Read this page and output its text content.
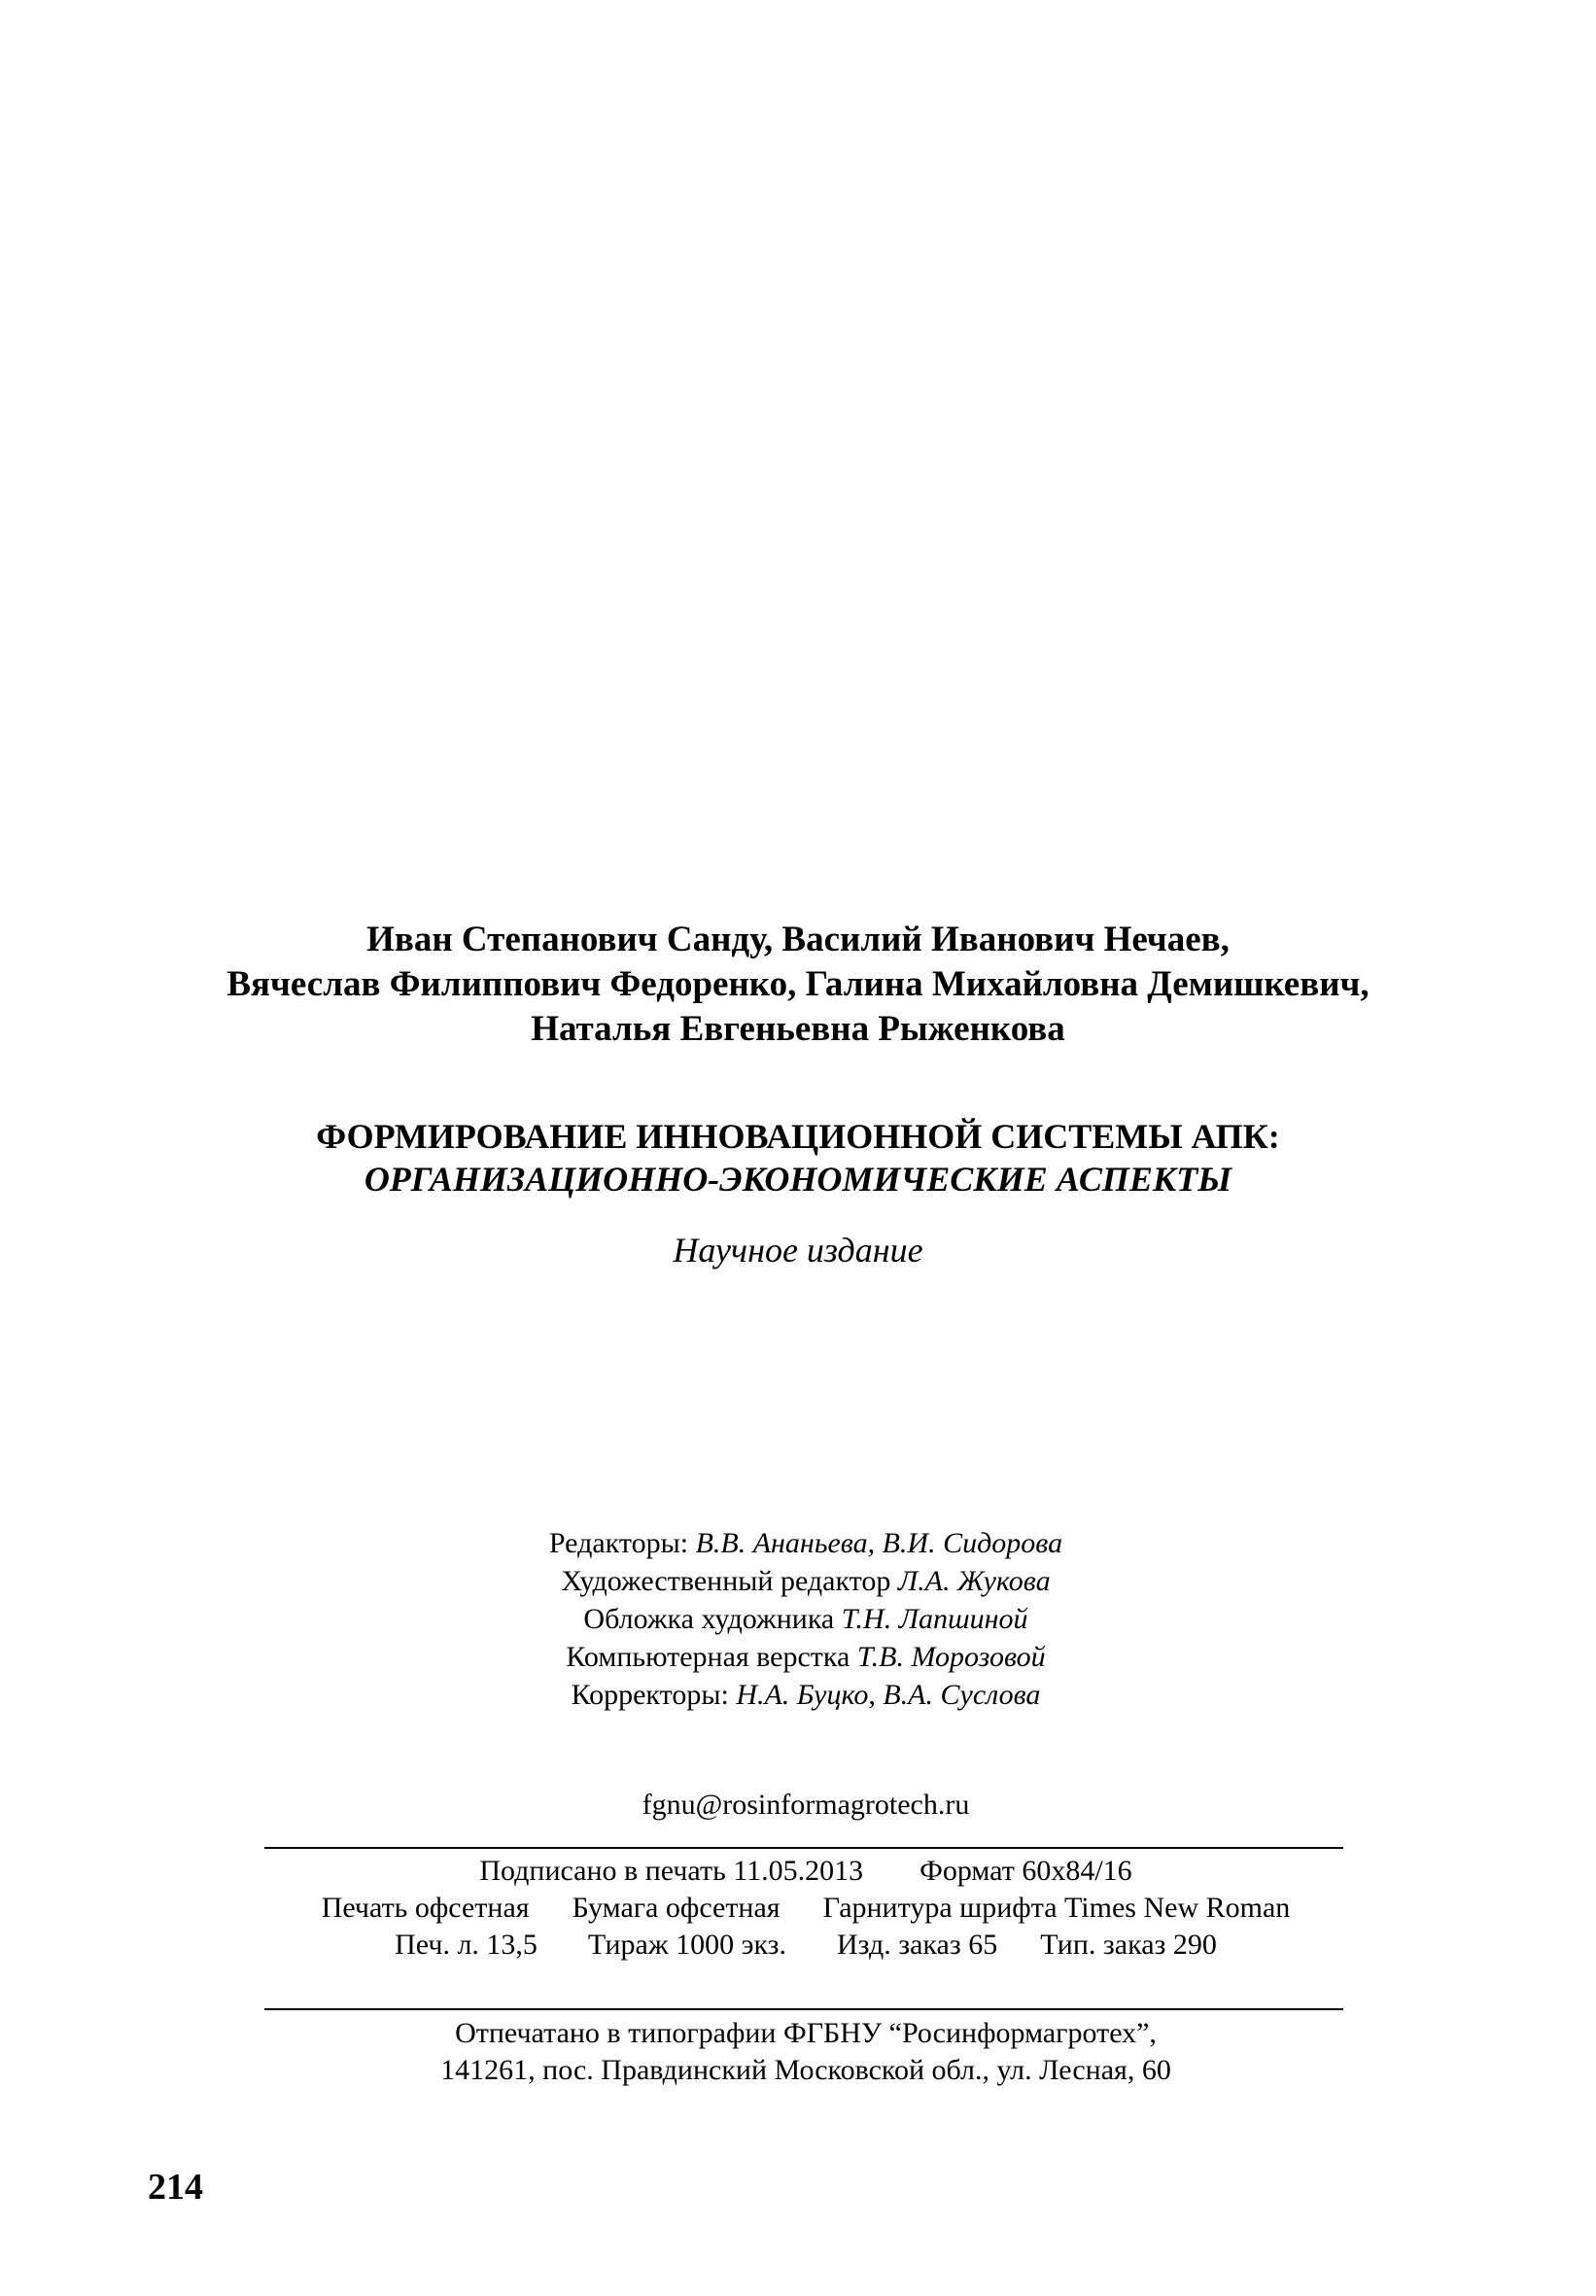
Иван Степанович Санду, Василий Иванович Нечаев,
Вячеслав Филиппович Федоренко, Галина Михайловна Демишкевич,
Наталья Евгеньевна Рыженкова
ФОРМИРОВАНИЕ ИННОВАЦИОННОЙ СИСТЕМЫ АПК:
ОРГАНИЗАЦИОННО-ЭКОНОМИЧЕСКИЕ АСПЕКТЫ
Научное издание
Редакторы: В.В. Ананьева, В.И. Сидорова
Художественный редактор Л.А. Жукова
Обложка художника Т.Н. Лапшиной
Компьютерная верстка Т.В. Морозовой
Корректоры: Н.А. Буцко, В.А. Суслова
fgnu@rosinformagrotech.ru
Подписано в печать 11.05.2013 Формат 60х84/16
Печать офсетная Бумага офсетная Гарнитура шрифта Times New Roman
Печ. л. 13,5 Тираж 1000 экз. Изд. заказ 65 Тип. заказ 290
Отпечатано в типографии ФГБНУ “Росинформагротех”,
141261, пос. Правдинский Московской обл., ул. Лесная, 60
214
